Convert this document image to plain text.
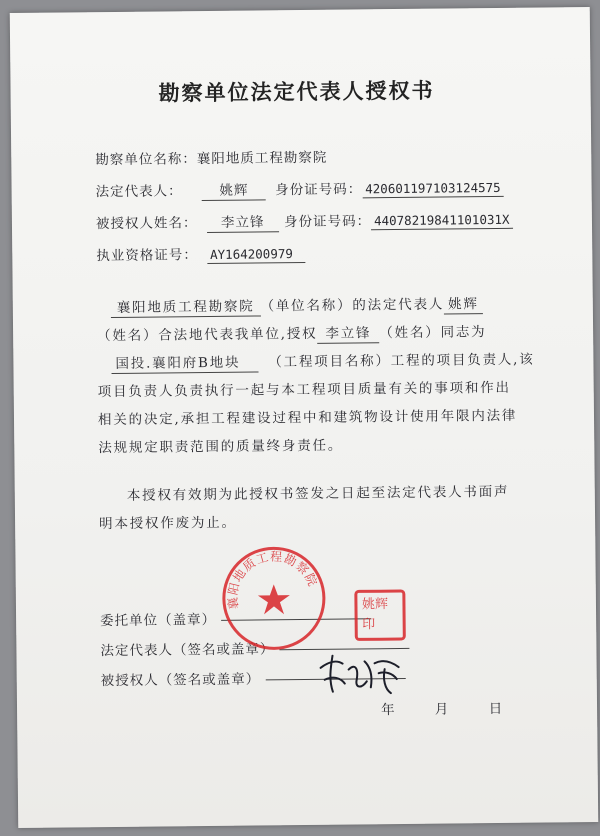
勘察单位法定代表人授权书
勘察单位名称：襄阳地质工程勘察院
法定代表人：	姚辉 身份证号码： 420601197103124575
被授权人姓名： 李立锋 身份证号码： 44078219841101031X
执业资格证号： AY164200979
襄阳地质工程勘察院 （单位名称）的法定代表人 姚辉
（姓名）合法地代表我单位,授权 李立锋 （姓名）同志为
国投.襄阳府B地块 （工程项目名称）工程的项目负责人,该
项目负责人负责执行一起与本工程项目质量有关的事项和作出
相关的决定,承担工程建设过程中和建筑物设计使用年限内法律
法规规定职责范围的质量终身责任。
本授权有效期为此授权书签发之日起至法定代表人书面声
明本授权作废为止。
委托单位（盖章）
法定代表人（签名或盖章）
被授权人（签名或盖章）
年	月	日
襄阳地质工程勘察院
姚辉印
